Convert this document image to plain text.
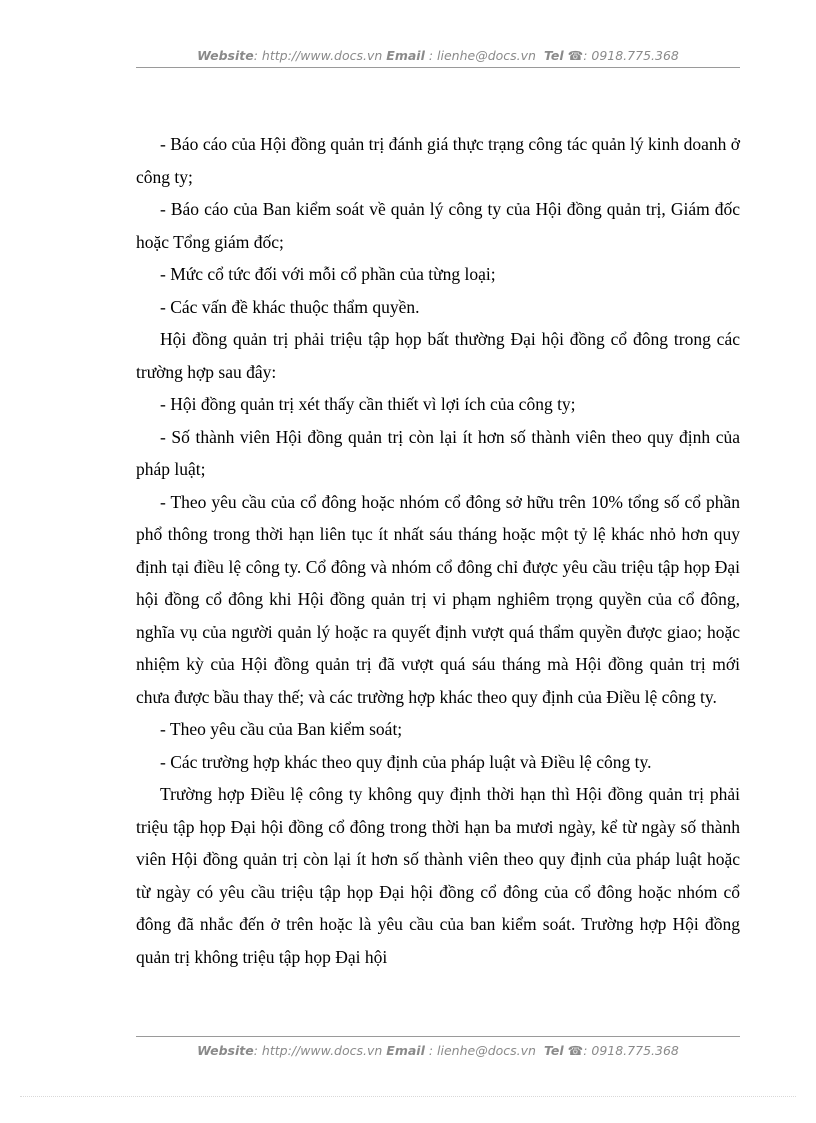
Website: http://www.docs.vn Email : lienhe@docs.vn Tel ☎: 0918.775.368

- Báo cáo của Hội đồng quản trị đánh giá thực trạng công tác quản lý kinh doanh ở công ty;

- Báo cáo của Ban kiểm soát về quản lý công ty của Hội đồng quản trị, Giám đốc hoặc Tổng giám đốc;

- Mức cổ tức đối với mỗi cổ phần của từng loại;

- Các vấn đề khác thuộc thẩm quyền.

Hội đồng quản trị phải triệu tập họp bất thường Đại hội đồng cổ đông trong các trường hợp sau đây:

- Hội đồng quản trị xét thấy cần thiết vì lợi ích của công ty;

- Số thành viên Hội đồng quản trị còn lại ít hơn số thành viên theo quy định của pháp luật;

- Theo yêu cầu của cổ đông hoặc nhóm cổ đông sở hữu trên 10% tổng số cổ phần phổ thông trong thời hạn liên tục ít nhất sáu tháng hoặc một tỷ lệ khác nhỏ hơn quy định tại điều lệ công ty. Cổ đông và nhóm cổ đông chỉ được yêu cầu triệu tập họp Đại hội đồng cổ đông khi Hội đồng quản trị vi phạm nghiêm trọng quyền của cổ đông, nghĩa vụ của người quản lý hoặc ra quyết định vượt quá thẩm quyền được giao; hoặc nhiệm kỳ của Hội đồng quản trị đã vượt quá sáu tháng mà Hội đồng quản trị mới chưa được bầu thay thế; và các trường hợp khác theo quy định của Điều lệ công ty.

- Theo yêu cầu của Ban kiểm soát;

- Các trường hợp khác theo quy định của pháp luật và Điều lệ công ty.

Trường hợp Điều lệ công ty không quy định thời hạn thì Hội đồng quản trị phải triệu tập họp Đại hội đồng cổ đông trong thời hạn ba mươi ngày, kể từ ngày số thành viên Hội đồng quản trị còn lại ít hơn số thành viên theo quy định của pháp luật hoặc từ ngày có yêu cầu triệu tập họp Đại hội đồng cổ đông của cổ đông hoặc nhóm cổ đông đã nhắc đến ở trên hoặc là yêu cầu của ban kiểm soát. Trường hợp Hội đồng quản trị không triệu tập họp Đại hội

Website: http://www.docs.vn Email : lienhe@docs.vn Tel ☎: 0918.775.368
